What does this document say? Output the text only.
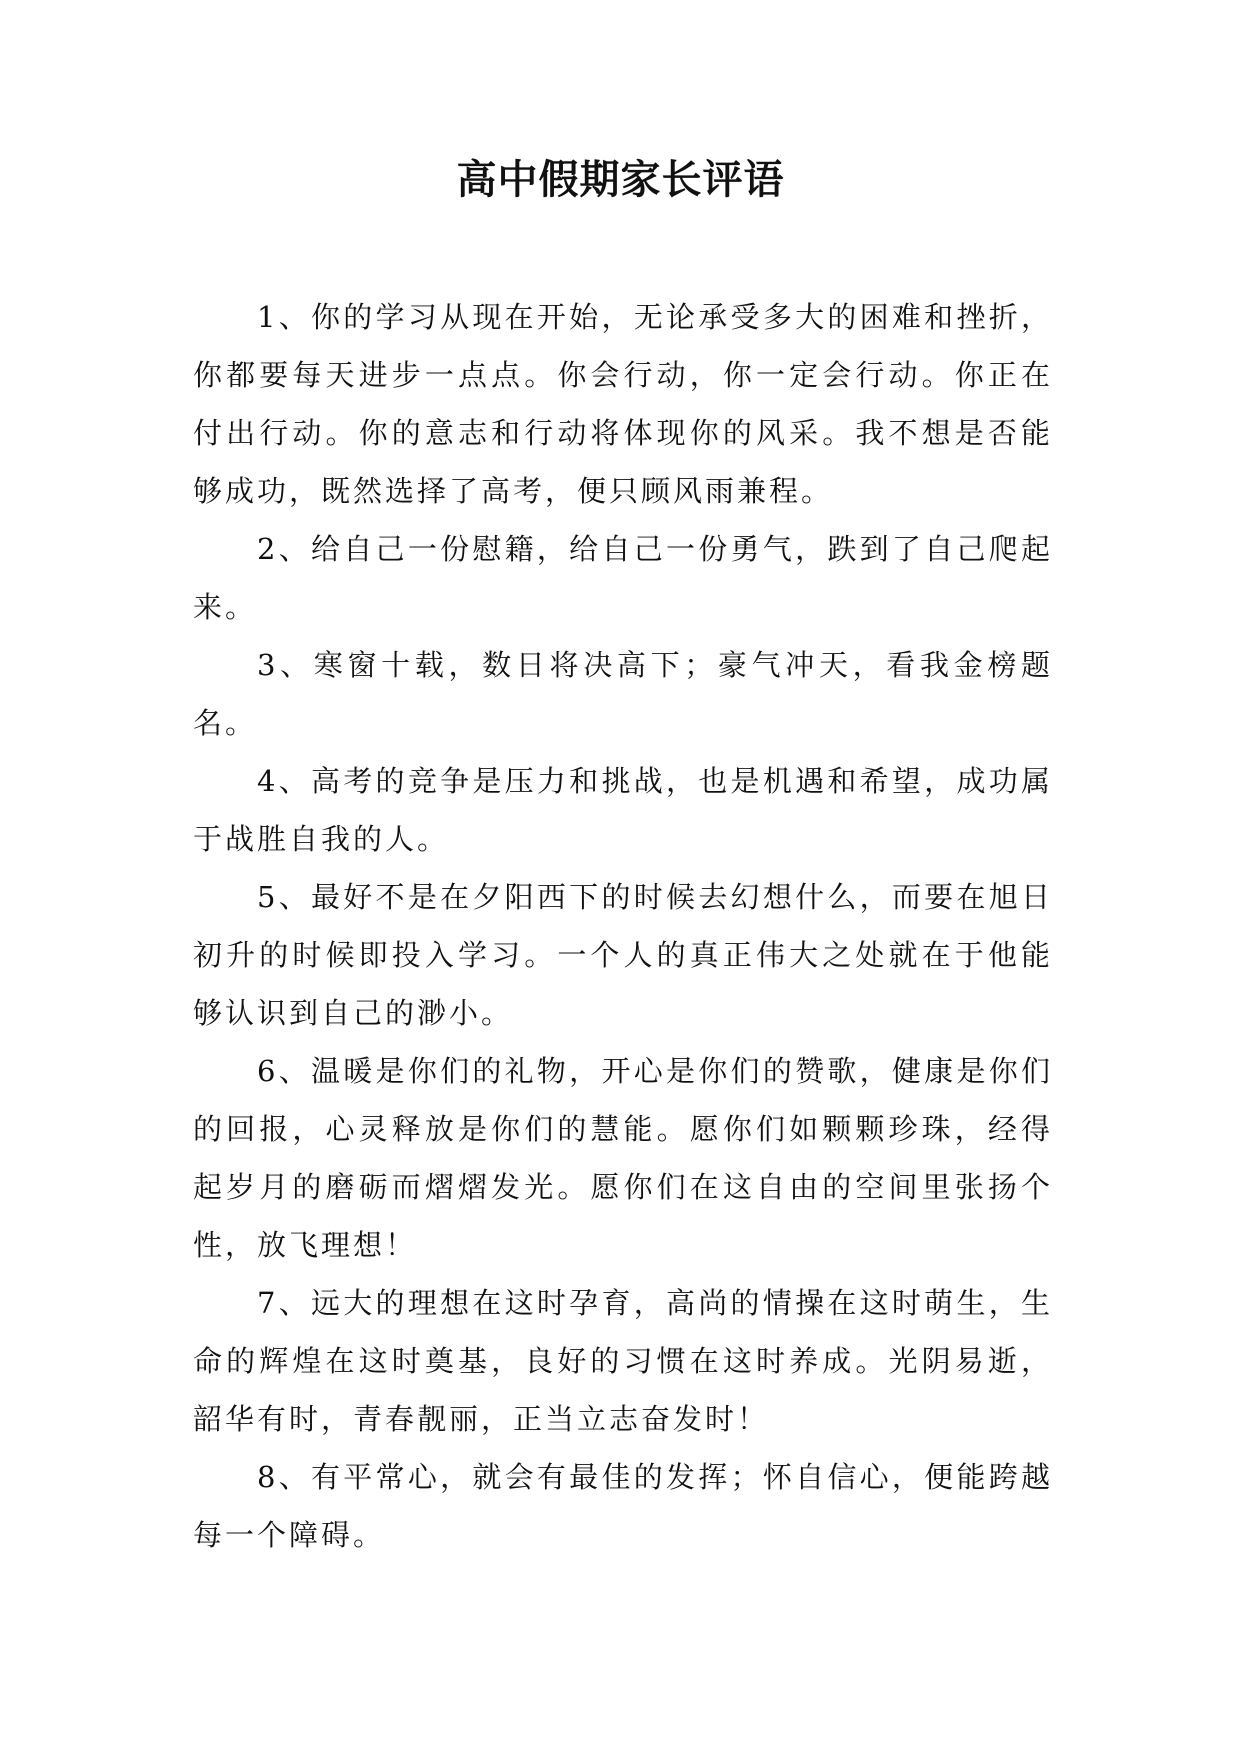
高中假期家长评语

1、你的学习从现在开始，无论承受多大的困难和挫折，你都要每天进步一点点。你会行动，你一定会行动。你正在付出行动。你的意志和行动将体现你的风采。我不想是否能够成功，既然选择了高考，便只顾风雨兼程。

2、给自己一份慰籍，给自己一份勇气，跌到了自己爬起来。

3、寒窗十载，数日将决高下；豪气冲天，看我金榜题名。

4、高考的竞争是压力和挑战，也是机遇和希望，成功属于战胜自我的人。

5、最好不是在夕阳西下的时候去幻想什么，而要在旭日初升的时候即投入学习。一个人的真正伟大之处就在于他能够认识到自己的渺小。

6、温暖是你们的礼物，开心是你们的赞歌，健康是你们的回报，心灵释放是你们的慧能。愿你们如颗颗珍珠，经得起岁月的磨砺而熠熠发光。愿你们在这自由的空间里张扬个性，放飞理想！

7、远大的理想在这时孕育，高尚的情操在这时萌生，生命的辉煌在这时奠基，良好的习惯在这时养成。光阴易逝，韶华有时，青春靓丽，正当立志奋发时！

8、有平常心，就会有最佳的发挥；怀自信心，便能跨越每一个障碍。
